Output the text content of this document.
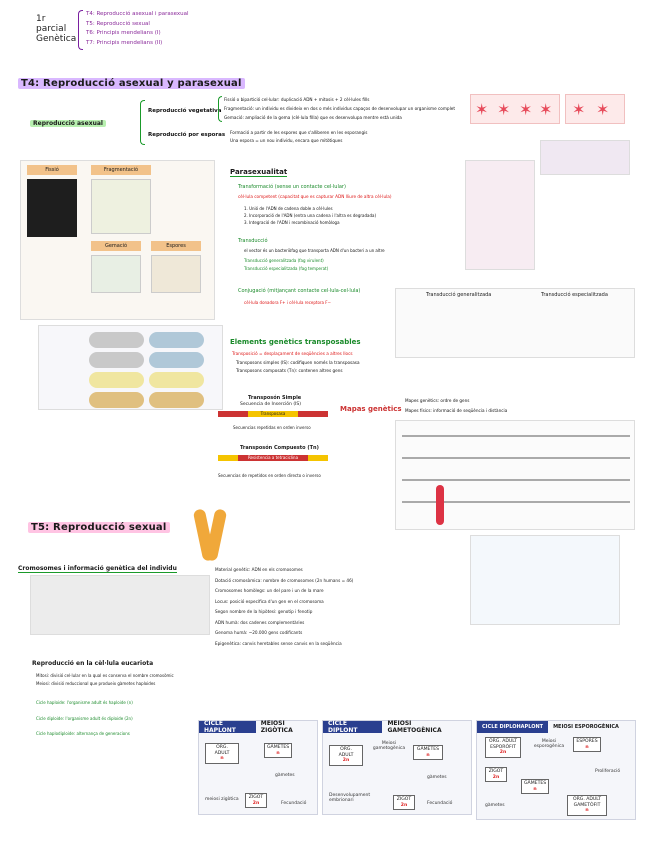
1r
parcial
Genètica
T4: Reproducció asexual i parasexual
T5: Reproducció sexual
T6: Principis mendelians (I)
T7: Principis mendelians (II)
T4: Reproducció asexual y parasexual
Reproducció asexual
Reproducció vegetativa
Fissió o bipartició cel·lular: duplicació ADN + mitosis + 2 cèl·lules fills
Fragmentació: un individu es divideix en dos o més individus capaços de desenvolupar un organisme complet
Gemació: ampliació de la gema (cèl·lula filla) que es desenvolupa mentre està unida
Reproducció por esporas Formació a partir de les espores que s'alliberen en les esporangis
Una espora = un nou individu, encara que mitòtiques
✶ ✶ ✶ ✶ ✶ ✶
Fissió	Fragmentació
Gemació	Espores
Parasexualitat
Transformació (sense un contacte cel·lular)
cèl·lula competent (capacitat que es capturar ADN lliure de altra cèl·lula)
1. Unió de l'ADN de cadena doble a cèl·lules
2. Incorporació de l'ADN (entra una cadena i l'altra es degradada)
3. Integració de l'ADN i recombinació homòloga
Transducció
el vector és un bacteriòfag que transporta ADN d'un bacteri a un altre
Transducció generalitzada (fag virulent)
Transducció especialitzada (fag temperat)
Conjugació (mitjançant contacte cel·lula-cel·lula)
cèl·lula donadora F+ i cèl·lula receptora F−
Transducció generalitzada	Transducció especialitzada
Elements genètics transposables
Transposició = desplaçament de seqüències a altres llocs
Transposons simples (IS): codifiquen només la transposasa
Transposons composats (Tn): contenen altres gens
Transposón Simple
Secuencia de Inserción (IS)
Transposasa
Secuencias repetidas en orden inverso
Transposón Compuesto (Tn)
Resistencia a tetraciclina
Secuencias de repetidos en orden directo o inverso
Mapas genètics
Mapes genètics: ordre de gens
Mapes físics: informació de seqüència i distància
T5: Reproducció sexual
Cromosomes i informació genètica del individu	Material genètic: ADN en els cromosomes
Dotació cromosòmica: nombre de cromosomes (2n humans = 46)
Cromosomes homòlegs: un del pare i un de la mare
Locus: posició específica d'un gen en el cromosoma
Segon nombre de la hipòtesi: genotip i fenotip
ADN humà: dos cadenes complementàries
Genoma humà: ~20.000 gens codificants
Epigenètica: canvis heretables sense canvis en la seqüència
Reproducció en la cèl·lula eucariota
Mitosi: divisió cel·lular en la qual es conserva el nombre cromosòmic
Meiosi: divisió reduccional que produeix gàmetes haploides
Cicle haploide: l'organisme adult és haploide (n)
Cicle diploide: l'organisme adult és diploide (2n)
Cicle haplodiploide: alternança de generacions
CICLE HAPLONT
MEIOSI ZIGÒTICA
ORG. ADULT
n
GÀMETES
n
ZIGOT
2n
gàmetes
meiosi zigòtica
Fecundació
CICLE DIPLONT
MEIOSI GAMETOGÈNICA
ORG. ADULT
2n
GÀMETES
n
ZIGOT
2n
Meiosi gametogènica
gàmetes
Desenvolupament embrionari
Fecundació
CICLE DIPLOHAPLONT	MEIOSI ESPOROGÈNICA
ORG. ADULT ESPORÒFIT
2n
ESPORES
n
ZIGOT
2n
GÀMETES
n
ORG. ADULT GAMETÒFIT
n
Meiosi esporogènica
Proliferació
gàmetes
